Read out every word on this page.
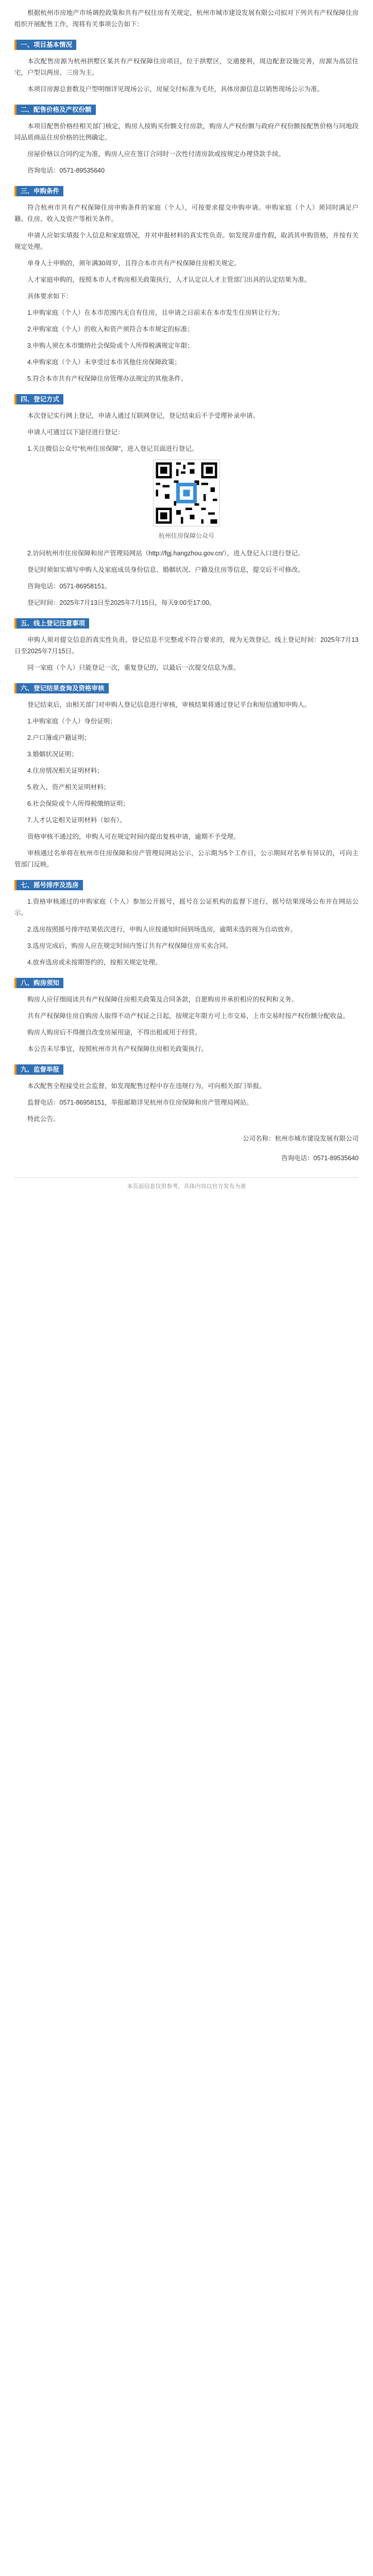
根据杭州市房地产市场调控政策和共有产权住房有关规定，杭州市城市建设发展有限公司拟对下列共有产权保障住房组织开展配售工作，现将有关事项公告如下：

一、项目基本情况

本次配售房源为杭州拱墅区某共有产权保障住房项目，位于拱墅区，交通便利，周边配套设施完善，房源为高层住宅，户型以两房、三房为主。

本项目房源总套数及户型明细详见现场公示，房屋交付标准为毛坯，具体房源信息以销售现场公示为准。

二、配售价格及产权份额

本项目配售价格经相关部门核定，购房人按购买份额支付房款，购房人产权份额与政府产权份额按配售价格与同地段同品质商品住房价格的比例确定。

房屋价格以合同约定为准，购房人应在签订合同时一次性付清房款或按规定办理贷款手续。

咨询电话：0571-89535640

三、申购条件

符合杭州市共有产权保障住房申购条件的家庭（个人），可按要求提交申购申请。申购家庭（个人）须同时满足户籍、住房、收入及资产等相关条件。

申请人应如实填报个人信息和家庭情况，并对申报材料的真实性负责。如发现弄虚作假，取消其申购资格，并按有关规定处理。

单身人士申购的，须年满30周岁，且符合本市共有产权保障住房相关规定。

人才家庭申购的，按照本市人才购房相关政策执行，人才认定以人才主管部门出具的认定结果为准。

具体要求如下：

1.申购家庭（个人）在本市范围内无自有住房，且申请之日前未在本市发生住房转让行为；

2.申购家庭（个人）的收入和资产须符合本市规定的标准；

3.申购人须在本市缴纳社会保险或个人所得税满规定年限；

4.申购家庭（个人）未享受过本市其他住房保障政策；

5.符合本市共有产权保障住房管理办法规定的其他条件。

四、登记方式

本次登记实行网上登记，申请人通过互联网登记，登记结束后不予受理补录申请。

申请人可通过以下途径进行登记：

1.关注微信公众号“杭州住房保障”，进入登记页面进行登记。

杭州住房保障公众号

2.访问杭州市住房保障和房产管理局网站（http://fgj.hangzhou.gov.cn/），进入登记入口进行登记。

登记时须如实填写申购人及家庭成员身份信息、婚姻状况、户籍及住房等信息，提交后不可修改。

咨询电话：0571-86958151。

登记时间：2025年7月13日至2025年7月15日，每天9:00至17:00。

五、线上登记注意事项

申购人须对提交信息的真实性负责，登记信息不完整或不符合要求的，视为无效登记。线上登记时间：2025年7月13日至2025年7月15日。

同一家庭（个人）只能登记一次，重复登记的，以最后一次提交信息为准。

六、登记结果查询及资格审核

登记结束后，由相关部门对申购人登记信息进行审核，审核结果将通过登记平台和短信通知申购人。

1.申购家庭（个人）身份证明；

2.户口簿或户籍证明；

3.婚姻状况证明；

4.住房情况相关证明材料；

5.收入、资产相关证明材料；

6.社会保险或个人所得税缴纳证明；

7.人才认定相关证明材料（如有）。

资格审核不通过的，申购人可在规定时间内提出复核申请，逾期不予受理。

审核通过名单将在杭州市住房保障和房产管理局网站公示，公示期为5个工作日，公示期间对名单有异议的，可向主管部门反映。

七、摇号排序及选房

1.资格审核通过的申购家庭（个人）参加公开摇号，摇号在公证机构的监督下进行，摇号结果现场公布并在网站公示。

2.选房按照摇号排序结果依次进行，申购人应按通知时间到场选房，逾期未选的视为自动放弃。

3.选房完成后，购房人应在规定时间内签订共有产权保障住房买卖合同。

4.放弃选房或未按期签约的，按相关规定处理。

八、购房须知

购房人应仔细阅读共有产权保障住房相关政策及合同条款，自愿购房并承担相应的权利和义务。

共有产权保障住房自购房人取得不动产权证之日起，按规定年限方可上市交易，上市交易时按产权份额分配收益。

购房人购房后不得擅自改变房屋用途，不得出租或用于经营。

本公告未尽事宜，按照杭州市共有产权保障住房相关政策执行。

九、监督举报

本次配售全程接受社会监督，如发现配售过程中存在违规行为，可向相关部门举报。

监督电话：0571-86958151，举报邮箱详见杭州市住房保障和房产管理局网站。

特此公告。

公司名称：杭州市城市建设发展有限公司

咨询电话：0571-89535640

本页面信息仅供参考，具体内容以官方发布为准
